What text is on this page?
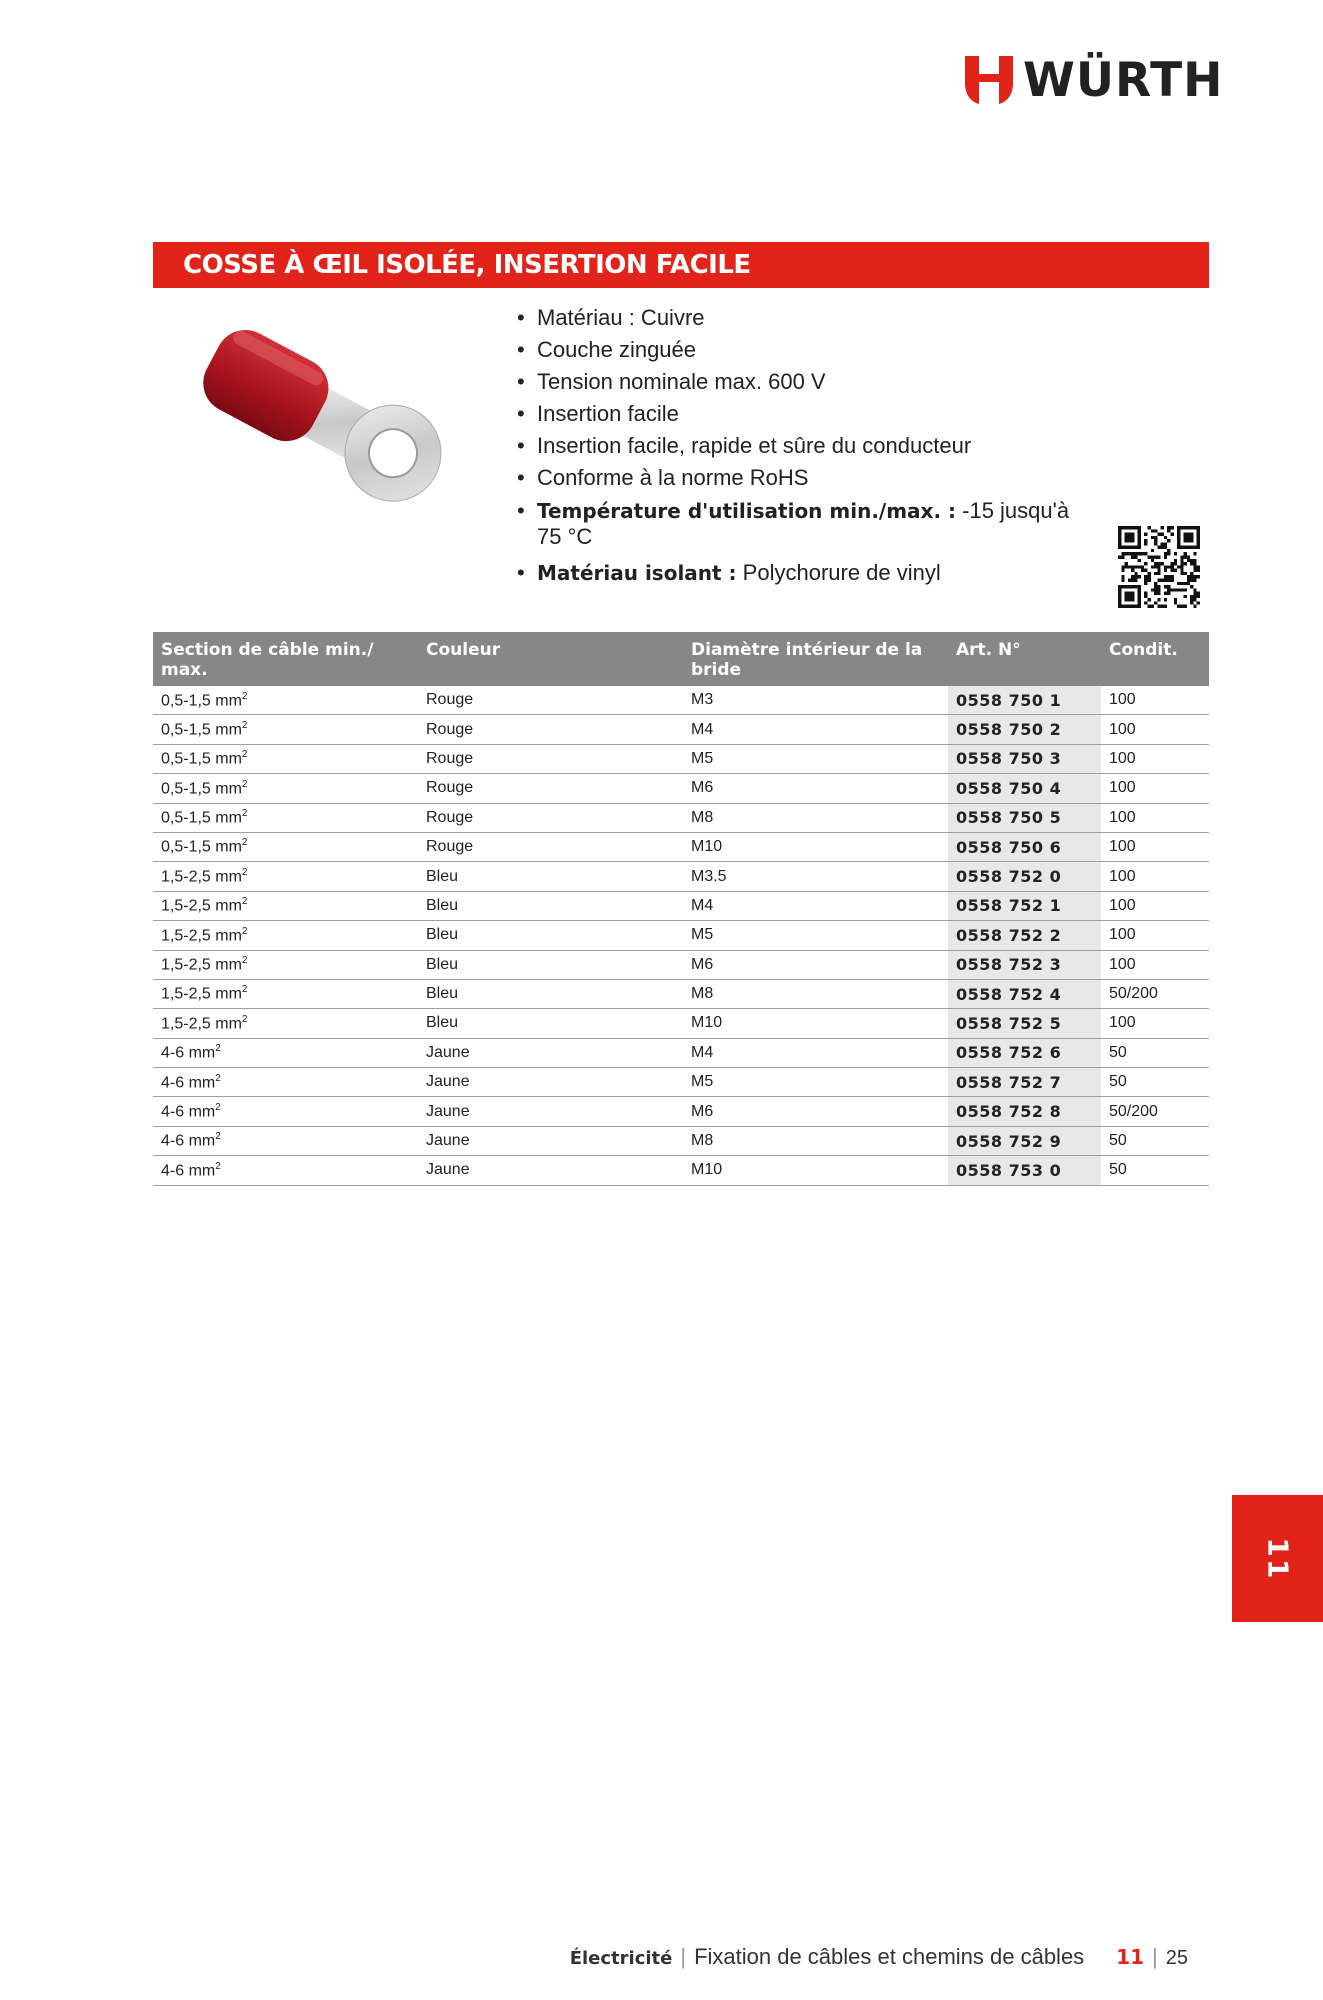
WÜRTH
COSSE À ŒIL ISOLÉE, INSERTION FACILE
• Matériau : Cuivre
• Couche zinguée
• Tension nominale max. 600 V
• Insertion facile
• Insertion facile, rapide et sûre du conducteur
• Conforme à la norme RoHS
• Température d'utilisation min./max. : -15 jusqu'à 75 °C
• Matériau isolant : Polychorure de vinyl
Section de câble min./ max.	Couleur	Diamètre intérieur de la bride	Art. N°	Condit.
0,5-1,5 $mm^2$	Rouge	M3	0558 750 1	100
0,5-1,5 $mm^2$	Rouge	M4	0558 750 2	100
0,5-1,5 $mm^2$	Rouge	M5	0558 750 3	100
0,5-1,5 $mm^2$	Rouge	M6	0558 750 4	100
0,5-1,5 $mm^2$	Rouge	M8	0558 750 5	100
0,5-1,5 $mm^2$	Rouge	M10	0558 750 6	100
1,5-2,5 $mm^2$	Bleu	M3.5	0558 752 0	100
1,5-2,5 $mm^2$	Bleu	M4	0558 752 1	100
1,5-2,5 $mm^2$	Bleu	M5	0558 752 2	100
1,5-2,5 $mm^2$	Bleu	M6	0558 752 3	100
1,5-2,5 $mm^2$	Bleu	M8	0558 752 4	50/200
1,5-2,5 $mm^2$	Bleu	M10	0558 752 5	100
4-6 $mm^2$	Jaune	M4	0558 752 6	50
4-6 $mm^2$	Jaune	M5	0558 752 7	50
4-6 $mm^2$	Jaune	M6	0558 752 8	50/200
4-6 $mm^2$	Jaune	M8	0558 752 9	50
4-6 $mm^2$	Jaune	M10	0558 753 0	50
11
Électricité | Fixation de câbles et chemins de câbles 11 | 25
